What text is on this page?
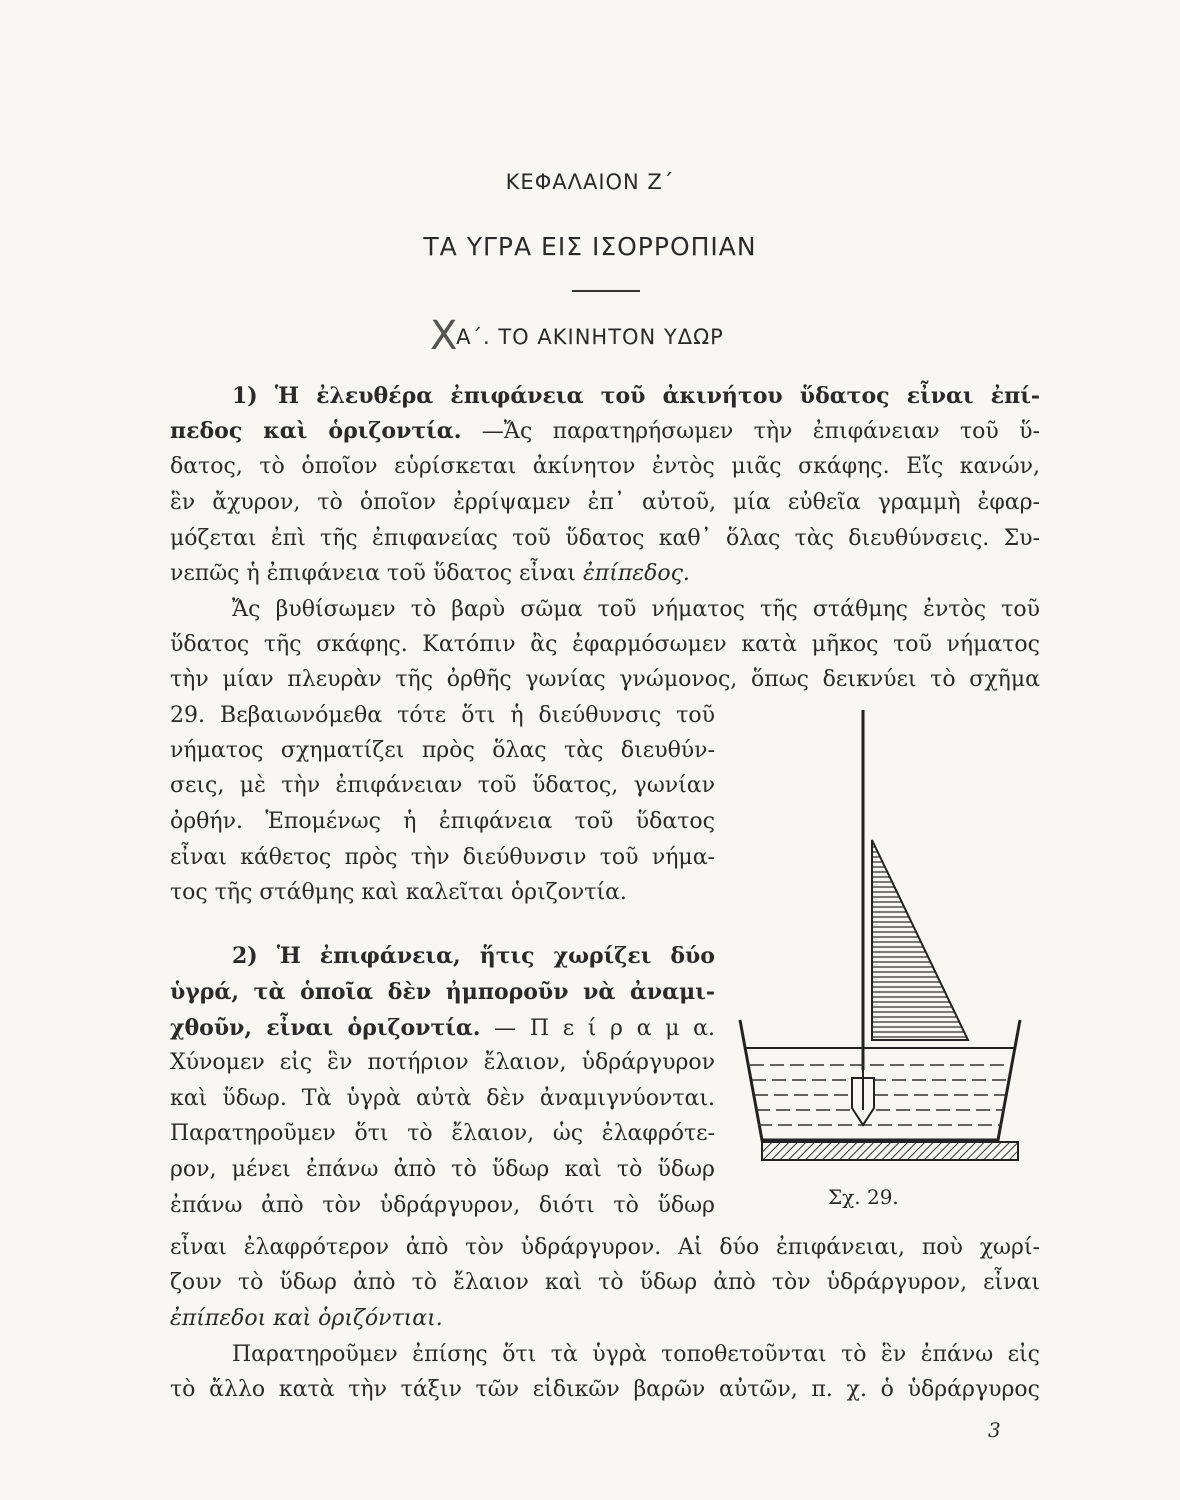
ΚΕΦΑΛΑΙΟΝ Ζ΄
ΤΑ ΥΓΡΑ ΕΙΣ ΙΣΟΡΡΟΠΙΑΝ
X
Α΄. ΤΟ ΑΚΙΝΗΤΟΝ ΥΔΩΡ
1) Ἡ ἐλευθέρα ἐπιφάνεια τοῦ ἀκινήτου ὕδατος εἶναι ἐπί-
πεδος καὶ ὁριζοντία. —Ἄς παρατηρήσωμεν τὴν ἐπιφάνειαν τοῦ ὕ-
δατος, τὸ ὁποῖον εὑρίσκεται ἀκίνητον ἐντὸς μιᾶς σκάφης. Εἴς κανών,
ἓν ἄχυρον, τὸ ὁποῖον ἐρρίψαμεν ἐπ᾽ αὐτοῦ, μία εὐθεῖα γραμμὴ ἐφαρ-
μόζεται ἐπὶ τῆς ἐπιφανείας τοῦ ὕδατος καθ᾽ ὅλας τὰς διευθύνσεις. Συ-
νεπῶς ἡ ἐπιφάνεια τοῦ ὕδατος εἶναι ἐπίπεδος.
Ἄς βυθίσωμεν τὸ βαρὺ σῶμα τοῦ νήματος τῆς στάθμης ἐντὸς τοῦ
ὕδατος τῆς σκάφης. Κατόπιν ἂς ἐφαρμόσωμεν κατὰ μῆκος τοῦ νήματος
τὴν μίαν πλευρὰν τῆς ὀρθῆς γωνίας γνώμονος, ὅπως δεικνύει τὸ σχῆμα
29. Βεβαιωνόμεθα τότε ὅτι ἡ διεύθυνσις τοῦ
νήματος σχηματίζει πρὸς ὅλας τὰς διευθύν-
σεις, μὲ τὴν ἐπιφάνειαν τοῦ ὕδατος, γωνίαν
ὀρθήν. Ἑπομένως ἡ ἐπιφάνεια τοῦ ὕδατος
εἶναι κάθετος πρὸς τὴν διεύθυνσιν τοῦ νήμα-
τος τῆς στάθμης καὶ καλεῖται ὁριζοντία.
2) Ἡ ἐπιφάνεια, ἥτις χωρίζει δύο
ὑγρά, τὰ ὁποῖα δὲν ἠμποροῦν νὰ ἀναμι-
χθοῦν, εἶναι ὁριζοντία. — Π ε ί ρ α μ α.
Χύνομεν εἰς ἓν ποτήριον ἔλαιον, ὑδράργυρον
καὶ ὕδωρ. Τὰ ὑγρὰ αὐτὰ δὲν ἀναμιγνύονται.
Παρατηροῦμεν ὅτι τὸ ἔλαιον, ὡς ἐλαφρότε-
ρον, μένει ἐπάνω ἀπὸ τὸ ὕδωρ καὶ τὸ ὕδωρ
ἐπάνω ἀπὸ τὸν ὑδράργυρον, διότι τὸ ὕδωρ
εἶναι ἐλαφρότερον ἀπὸ τὸν ὑδράργυρον. Αἱ δύο ἐπιφάνειαι, ποὺ χωρί-
ζουν τὸ ὕδωρ ἀπὸ τὸ ἔλαιον καὶ τὸ ὕδωρ ἀπὸ τὸν ὑδράργυρον, εἶναι
ἐπίπεδοι καὶ ὁριζόντιαι.
Παρατηροῦμεν ἐπίσης ὅτι τὰ ὑγρὰ τοποθετοῦνται τὸ ἓν ἐπάνω εἰς
τὸ ἄλλο κατὰ τὴν τάξιν τῶν εἰδικῶν βαρῶν αὐτῶν, π. χ. ὁ ὑδράργυρος
Σχ. 29.
3
